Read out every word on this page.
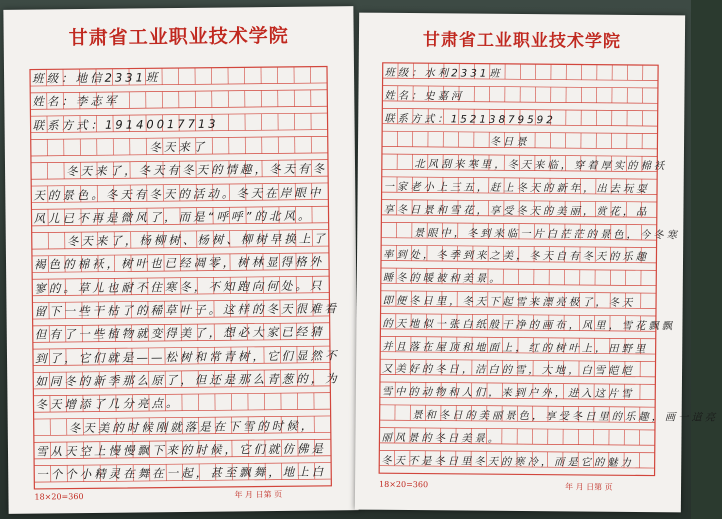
甘肃省工业职业技术学院
班级：地信2331班
姓名：李志军
联系方式：19140017713
冬天来了
冬天来了，冬天有冬天的情趣，冬天有冬
天的景色。冬天有冬天的活动。冬天在岸眼中
风儿已不再是微风了，而是“呼呼”的北风。
冬天来了，杨柳树、杨树、柳树早换上了
褐色的棉袄，树叶也已经凋零，树林显得格外
寥的。草儿也耐不住寒冬，不知跑向何处。只
留下一些干枯了的稀草叶子。这样的冬天很难看
但有了一些植物就变得美了，想必大家已经猜
到了，它们就是——松树和常青树，它们显然不
如同冬的新季那么原了，但还是那么青葱的，为
冬天增添了几分亮点。
冬天美的时候刚就落是在下雪的时候，
雪从天空上慢慢飘下来的时候，它们就仿佛是
一个个小精灵在舞在一起，甚至飘舞，地上白
18×20=360	年 月 日第 页
甘肃省工业职业技术学院
班级：水利2331班
姓名：史嘉河
联系方式：15213879592
冬日景
北风刮来寒里，冬天来临，穿着厚实的棉袄
一家老小上三五，赶上冬天的新年，出去玩耍
享冬日景和雪花，享受冬天的美丽，赏花，品
景眼中，冬到来临一片白茫茫的景色，今冬寒
率到处，冬季到来之美，冬天自有冬天的乐趣
睡冬的暖被和美景。
即便冬日里，冬天下起雪来漂亮极了，冬天
的天地似一张白纸般干净的画布，风里，雪花飘飘
并且落在屋顶和地面上，红的树叶上，田野里
又美好的冬日，洁白的雪，大地，白雪皑皑
雪中的动物和人们，来到户外，进入这片雪
景和冬日的美丽景色，享受冬日里的乐趣，画一道亮
丽风景的冬日美景。
冬天不是冬日里冬天的寒冷，而是它的魅力
18×20=360	年 月 日第 页
